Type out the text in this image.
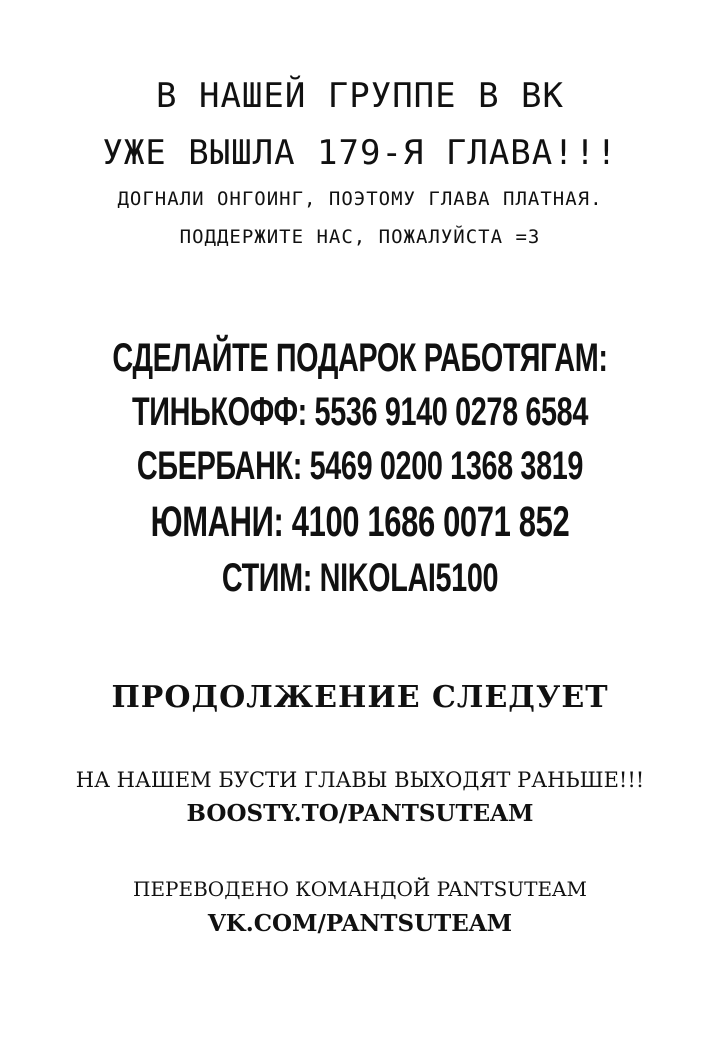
В НАШЕЙ ГРУППЕ В ВК
УЖЕ ВЫШЛА 179-Я ГЛАВА!!!
ДОГНАЛИ ОНГОИНГ, ПОЭТОМУ ГЛАВА ПЛАТНАЯ.
ПОДДЕРЖИТЕ НАС, ПОЖАЛУЙСТА =3
СДЕЛАЙТЕ ПОДАРОК РАБОТЯГАМ:
ТИНЬКОФФ: 5536 9140 0278 6584
СБЕРБАНК: 5469 0200 1368 3819
ЮМАНИ: 4100 1686 0071 852
СТИМ: NIKOLAI5100
ПРОДОЛЖЕНИЕ СЛЕДУЕТ
НА НАШЕМ БУСТИ ГЛАВЫ ВЫХОДЯТ РАНЬШЕ!!!
BOOSTY.TO/PANTSUTEAM
ПЕРЕВОДЕНО КОМАНДОЙ PANTSUTEAM
VK.COM/PANTSUTEAM
